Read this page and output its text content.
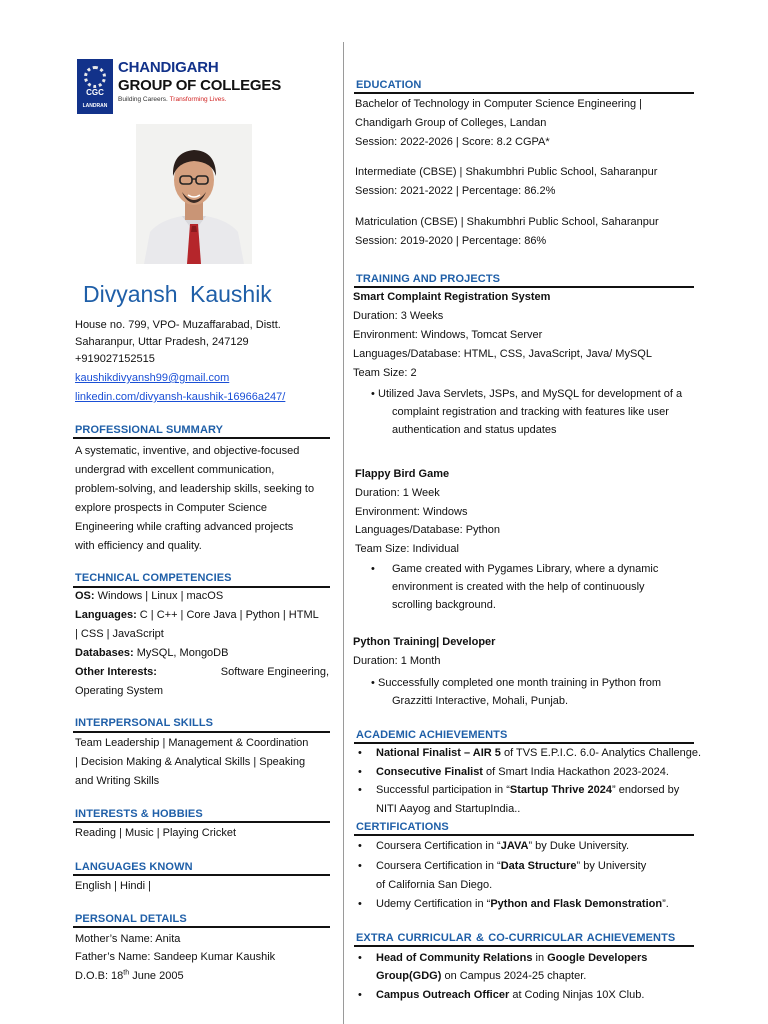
CGC
LANDRAN
CHANDIGARH
GROUP OF COLLEGES
Building Careers. Transforming Lives.
Divyansh Kaushik
House no. 799, VPO- Muzaffarabad, Distt.
Saharanpur, Uttar Pradesh, 247129
+919027152515
kaushikdivyansh99@gmail.com
linkedin.com/divyansh-kaushik-16966a247/
PROFESSIONAL SUMMARY
A systematic, inventive, and objective-focused
undergrad with excellent communication,
problem-solving, and leadership skills, seeking to
explore prospects in Computer Science
Engineering while crafting advanced projects
with efficiency and quality.
TECHNICAL COMPETENCIES
OS: Windows | Linux | macOS
Languages: C | C++ | Core Java | Python | HTML
| CSS | JavaScript
Databases: MySQL, MongoDB
Other Interests:	Software Engineering,
Operating System
INTERPERSONAL SKILLS
Team Leadership | Management & Coordination
| Decision Making & Analytical Skills | Speaking
and Writing Skills
INTERESTS & HOBBIES
Reading | Music | Playing Cricket
LANGUAGES KNOWN
English | Hindi |
PERSONAL DETAILS
Mother’s Name: Anita
Father’s Name: Sandeep Kumar Kaushik
D.O.B: 18th June 2005
EDUCATION
Bachelor of Technology in Computer Science Engineering |
Chandigarh Group of Colleges, Landan
Session: 2022-2026 | Score: 8.2 CGPA*
Intermediate (CBSE) | Shakumbhri Public School, Saharanpur
Session: 2021-2022 | Percentage: 86.2%
Matriculation (CBSE) | Shakumbhri Public School, Saharanpur
Session: 2019-2020 | Percentage: 86%
TRAINING AND PROJECTS
Smart Complaint Registration System
Duration: 3 Weeks
Environment: Windows, Tomcat Server
Languages/Database: HTML, CSS, JavaScript, Java/ MySQL
Team Size: 2
• Utilized Java Servlets, JSPs, and MySQL for development of a
complaint registration and tracking with features like user
authentication and status updates
Flappy Bird Game
Duration: 1 Week
Environment: Windows
Languages/Database: Python
Team Size: Individual
• Game created with Pygames Library, where a dynamic
environment is created with the help of continuously
scrolling background.
Python Training| Developer
Duration: 1 Month
• Successfully completed one month training in Python from
Grazzitti Interactive, Mohali, Punjab.
ACADEMIC ACHIEVEMENTS
• National Finalist – AIR 5 of TVS E.P.I.C. 6.0- Analytics Challenge.
• Consecutive Finalist of Smart India Hackathon 2023-2024.
• Successful participation in “Startup Thrive 2024” endorsed by
NITI Aayog and StartupIndia..
CERTIFICATIONS
• Coursera Certification in “JAVA” by Duke University.
• Coursera Certification in “Data Structure” by University
of California San Diego.
• Udemy Certification in “Python and Flask Demonstration”.
EXTRA CURRICULAR & CO-CURRICULAR ACHIEVEMENTS
• Head of Community Relations in Google Developers
Group(GDG) on Campus 2024-25 chapter.
• Campus Outreach Officer at Coding Ninjas 10X Club.
